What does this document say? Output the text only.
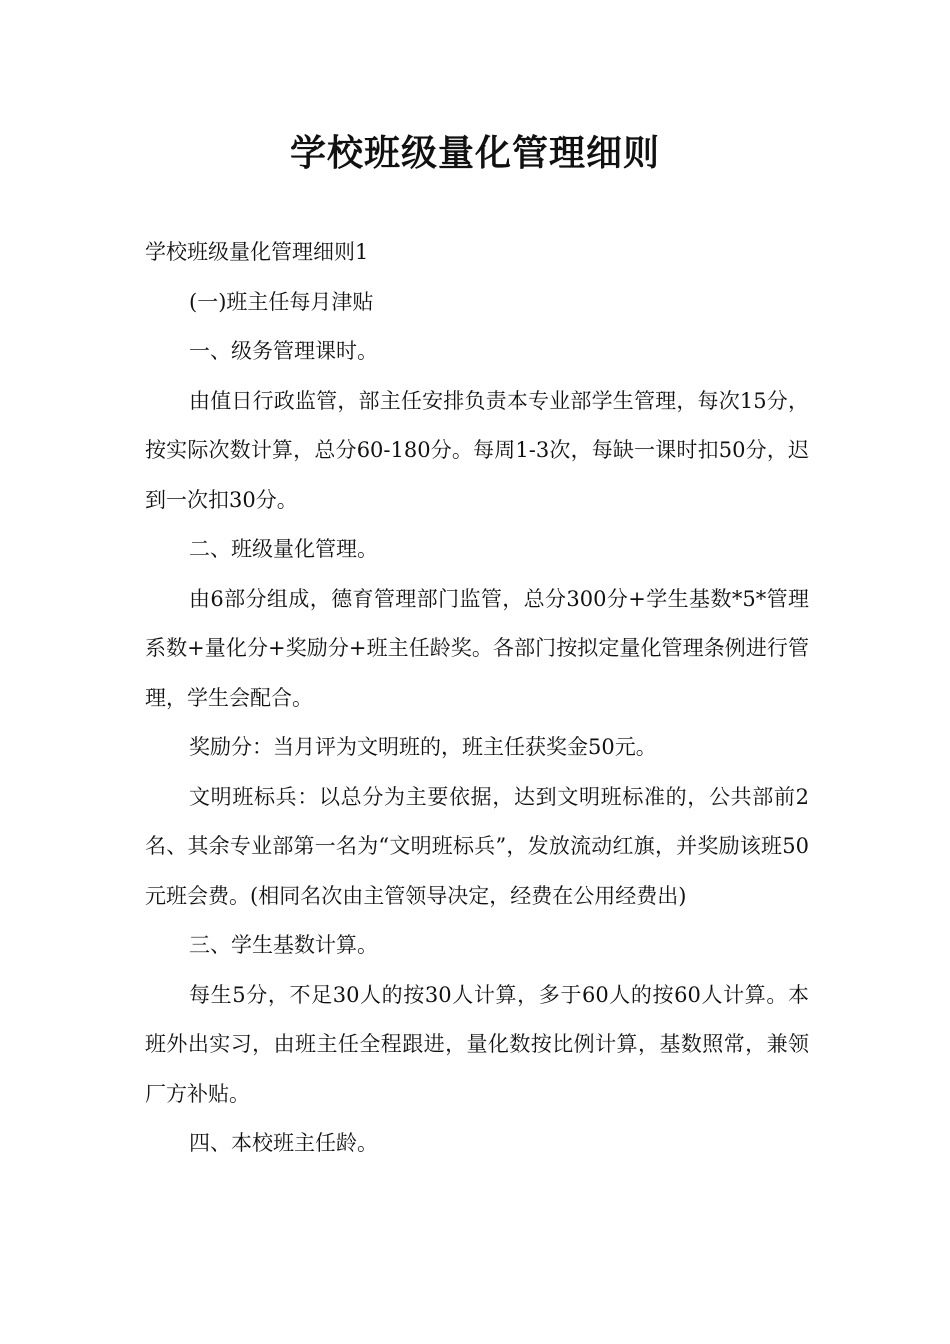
学校班级量化管理细则

学校班级量化管理细则1

(一)班主任每月津贴

一、级务管理课时。

由值日行政监管，部主任安排负责本专业部学生管理，每次15分，按实际次数计算，总分60-180分。每周1-3次，每缺一课时扣50分，迟到一次扣30分。

二、班级量化管理。

由6部分组成，德育管理部门监管，总分300分+学生基数*5*管理系数+量化分+奖励分+班主任龄奖。各部门按拟定量化管理条例进行管理，学生会配合。

奖励分：当月评为文明班的，班主任获奖金50元。

文明班标兵：以总分为主要依据，达到文明班标准的，公共部前2名、其余专业部第一名为“文明班标兵”，发放流动红旗，并奖励该班50元班会费。(相同名次由主管领导决定，经费在公用经费出)

三、学生基数计算。

每生5分，不足30人的按30人计算，多于60人的按60人计算。本班外出实习，由班主任全程跟进，量化数按比例计算，基数照常，兼领厂方补贴。

四、本校班主任龄。
